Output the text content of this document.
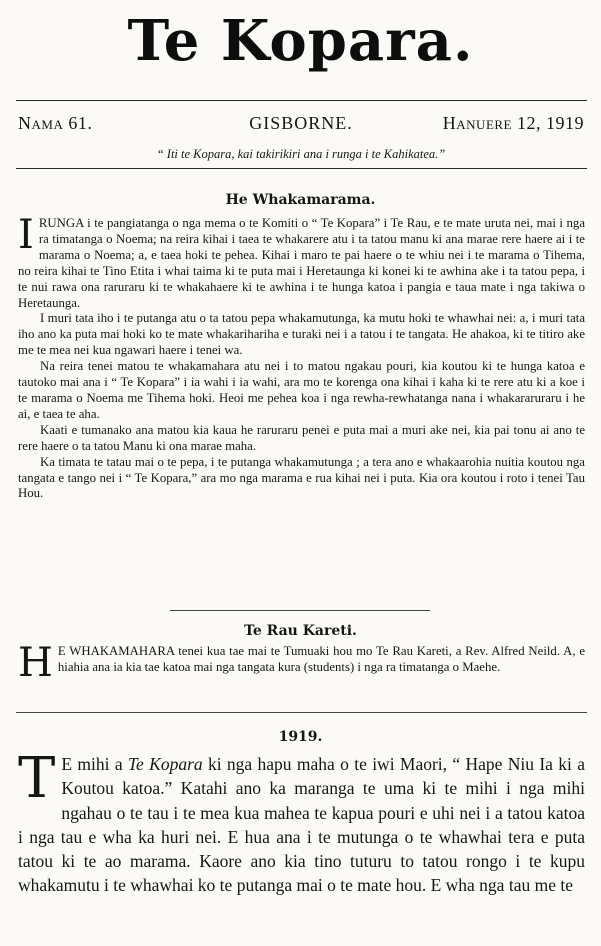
Te Kopara.
Nama 61.	GISBORNE.	Hanuere 12, 1919
“ Iti te Kopara, kai takirikiri ana i runga i te Kahikatea.”
He Whakamarama.

IRUNGA i te pangiatanga o nga mema o te Komiti o “ Te Kopara” i Te Rau, e te mate uruta nei, mai i nga ra timatanga o Noema; na reira kihai i taea te whakarere atu i ta tatou manu ki ana marae rere haere ai i te marama o Noema; a, e taea hoki te pehea. Kihai i maro te pai haere o te whiu nei i te marama o Tihema, no reira kihai te Tino Etita i whai taima ki te puta mai i Heretaunga ki konei ki te awhina ake i ta tatou pepa, i te nui rawa ona raruraru ki te whakahaere ki te awhina i te hunga katoa i pangia e taua mate i nga takiwa o Heretaunga.

I muri tata iho i te putanga atu o ta tatou pepa whakamutunga, ka mutu hoki te whawhai nei: a, i muri tata iho ano ka puta mai hoki ko te mate whakarihariha e turaki nei i a tatou i te tangata. He ahakoa, ki te titiro ake me te mea nei kua ngawari haere i tenei wa.

Na reira tenei matou te whakamahara atu nei i to matou ngakau pouri, kia koutou ki te hunga katoa e tautoko mai ana i “ Te Kopara” i ia wahi i ia wahi, ara mo te korenga ona kihai i kaha ki te rere atu ki a koe i te marama o Noema me Tihema hoki. Heoi me pehea koa i nga rewha-rewhatanga nana i whakararuraru i he ai, e taea te aha.

Kaati e tumanako ana matou kia kaua he raruraru penei e puta mai a muri ake nei, kia pai tonu ai ano te rere haere o ta tatou Manu ki ona marae maha.

Ka timata te tatau mai o te pepa, i te putanga whakamutunga ; a tera ano e whakaarohia nuitia koutou nga tangata e tango nei i “ Te Kopara,” ara mo nga marama e rua kihai nei i puta. Kia ora koutou i roto i tenei Tau Hou.

Te Rau Kareti.

H E WHAKAMAHARA tenei kua tae mai te Tumuaki hou mo Te Rau Kareti, a Rev. Alfred Neild. A, e hiahia ana ia kia tae katoa mai nga tangata kura (students) i nga ra timatanga o Maehe.

1919.

T E mihi a Te Kopara ki nga hapu maha o te iwi Maori, “ Hape Niu Ia ki a Koutou katoa.” Katahi ano ka maranga te uma ki te mihi i nga mihi ngahau o te tau i te mea kua mahea te kapua pouri e uhi nei i a tatou katoa i nga tau e wha ka huri nei. E hua ana i te mutunga o te whawhai tera e puta tatou ki te ao marama. Kaore ano kia tino tuturu to tatou rongo i te kupu whakamutu i te whawhai ko te putanga mai o te mate hou. E wha nga tau me te
